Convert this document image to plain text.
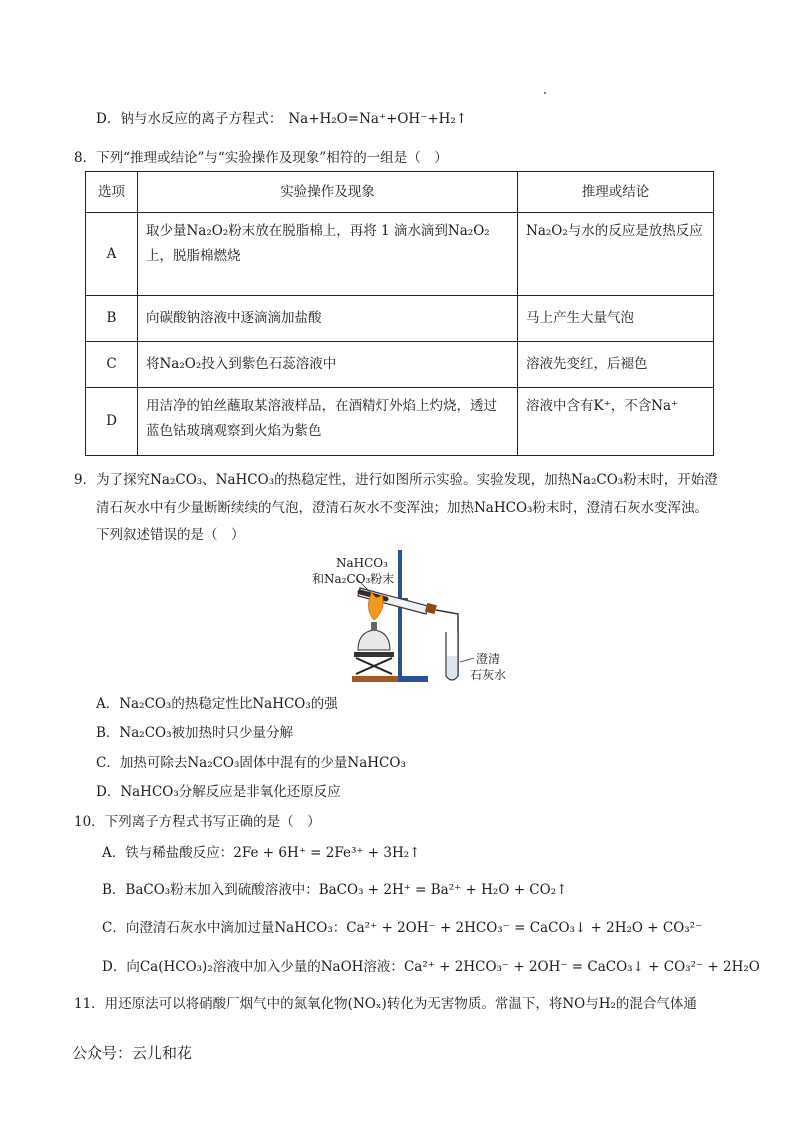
D．钠与水反应的离子方程式： Na+H₂O=Na⁺+OH⁻+H₂↑
8．下列“推理或结论”与“实验操作及现象”相符的一组是（　）
选项	实验操作及现象	推理或结论
A	取少量Na₂O₂粉末放在脱脂棉上，再将 1 滴水滴到Na₂O₂上，脱脂棉燃烧	Na₂O₂与水的反应是放热反应
B	向碳酸钠溶液中逐滴滴加盐酸	马上产生大量气泡
C	将Na₂O₂投入到紫色石蕊溶液中	溶液先变红，后褪色
D	用洁净的铂丝蘸取某溶液样品，在酒精灯外焰上灼烧，透过蓝色钴玻璃观察到火焰为紫色	溶液中含有K⁺，不含Na⁺
9．为了探究Na₂CO₃、NaHCO₃的热稳定性，进行如图所示实验。实验发现，加热Na₂CO₃粉末时，开始澄
清石灰水中有少量断断续续的气泡，澄清石灰水不变浑浊；加热NaHCO₃粉末时，澄清石灰水变浑浊。
下列叙述错误的是（　）
NaHCO₃
和Na₂CO₃粉末
澄清
石灰水
A．Na₂CO₃的热稳定性比NaHCO₃的强
B．Na₂CO₃被加热时只少量分解
C．加热可除去Na₂CO₃固体中混有的少量NaHCO₃
D．NaHCO₃分解反应是非氧化还原反应
10．下列离子方程式书写正确的是（　）
A．铁与稀盐酸反应：2Fe + 6H⁺ = 2Fe³⁺ + 3H₂↑
B．BaCO₃粉末加入到硫酸溶液中：BaCO₃ + 2H⁺ = Ba²⁺ + H₂O + CO₂↑
C．向澄清石灰水中滴加过量NaHCO₃：Ca²⁺ + 2OH⁻ + 2HCO₃⁻ = CaCO₃↓ + 2H₂O + CO₃²⁻
D．向Ca(HCO₃)₂溶液中加入少量的NaOH溶液：Ca²⁺ + 2HCO₃⁻ + 2OH⁻ = CaCO₃↓ + CO₃²⁻ + 2H₂O
11．用还原法可以将硝酸厂烟气中的氮氧化物(NOₓ)转化为无害物质。常温下，将NO与H₂的混合气体通
公众号：云儿和花
